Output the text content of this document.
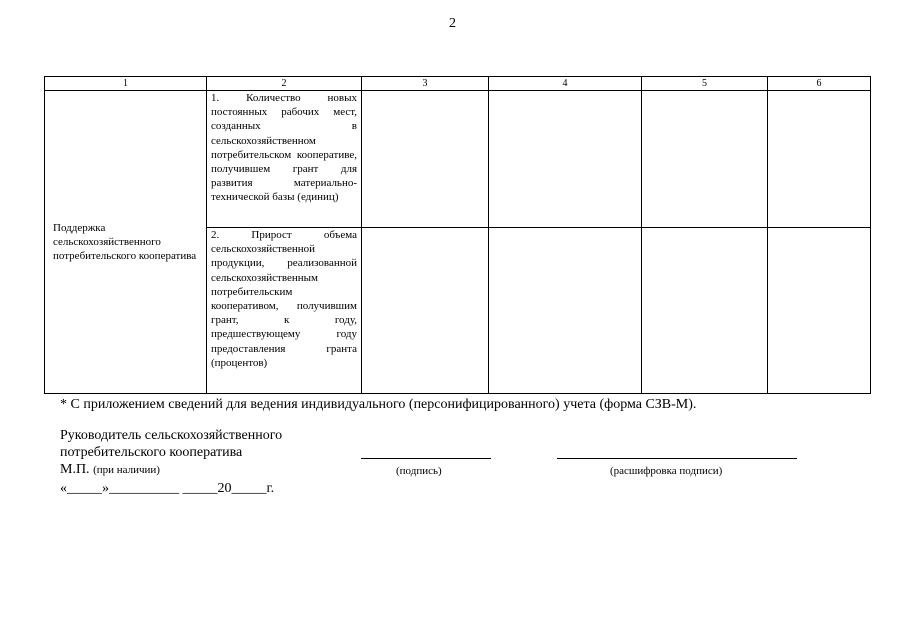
2
1	2	3	4	5	6

Поддержка сельскохозяйственного потребительского кооператива	1. Количество новых постоянных рабочих мест, созданных в сельскохозяйственном потребительском кооперативе, получившем грант для развития материально-технической базы (единиц)				

	2. Прирост объема сельскохозяйственной продукции, реализованной сельскохозяйственным потребительским кооперативом, получившим грант, к году, предшествующему году предоставления гранта (процентов)				

* С приложением сведений для ведения индивидуального (персонифицированного) учета (форма СЗВ-М).
Руководитель сельскохозяйственного
потребительского кооператива
М.П. (при наличии)	(подпись)	(расшифровка подписи)
«_____»__________ _____20_____г.
